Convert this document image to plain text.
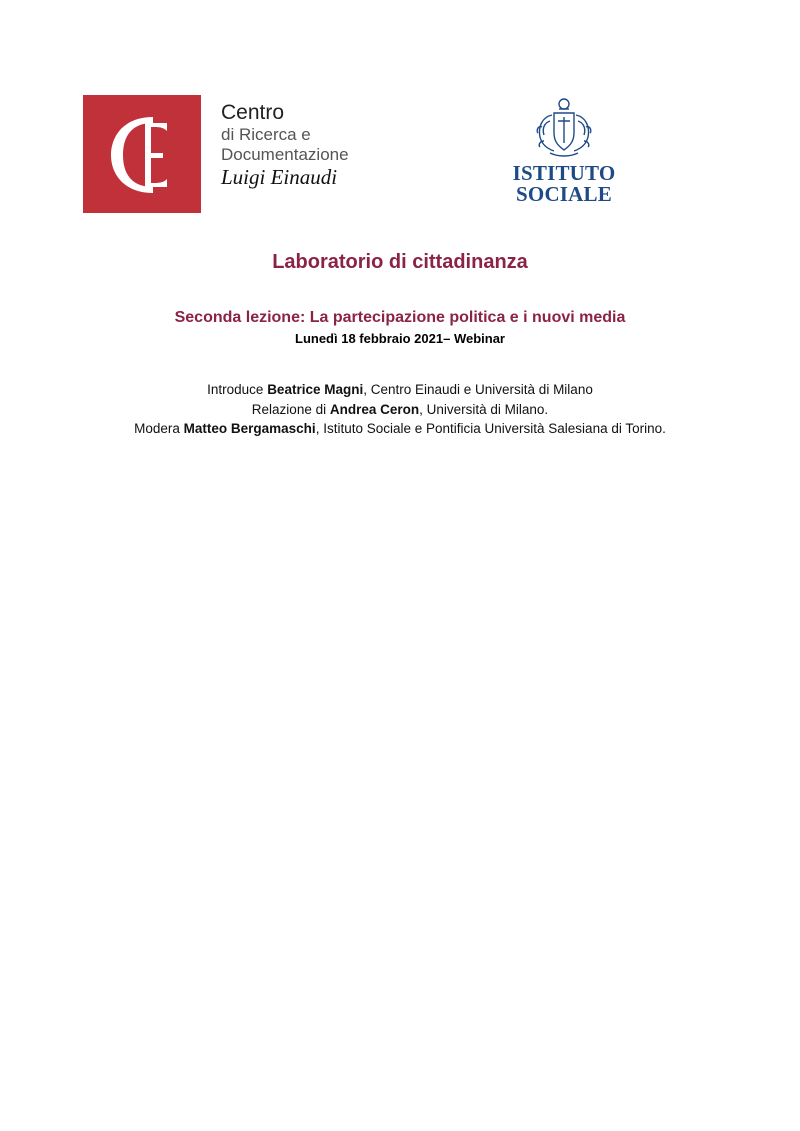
Centro
di Ricerca e
Documentazione
Luigi Einaudi	ISTITUTO
SOCIALE
Laboratorio di cittadinanza
Seconda lezione: La partecipazione politica e i nuovi media
Lunedì 18 febbraio 2021– Webinar
Introduce Beatrice Magni, Centro Einaudi e Università di Milano
Relazione di Andrea Ceron, Università di Milano.
Modera Matteo Bergamaschi, Istituto Sociale e Pontificia Università Salesiana di Torino.
